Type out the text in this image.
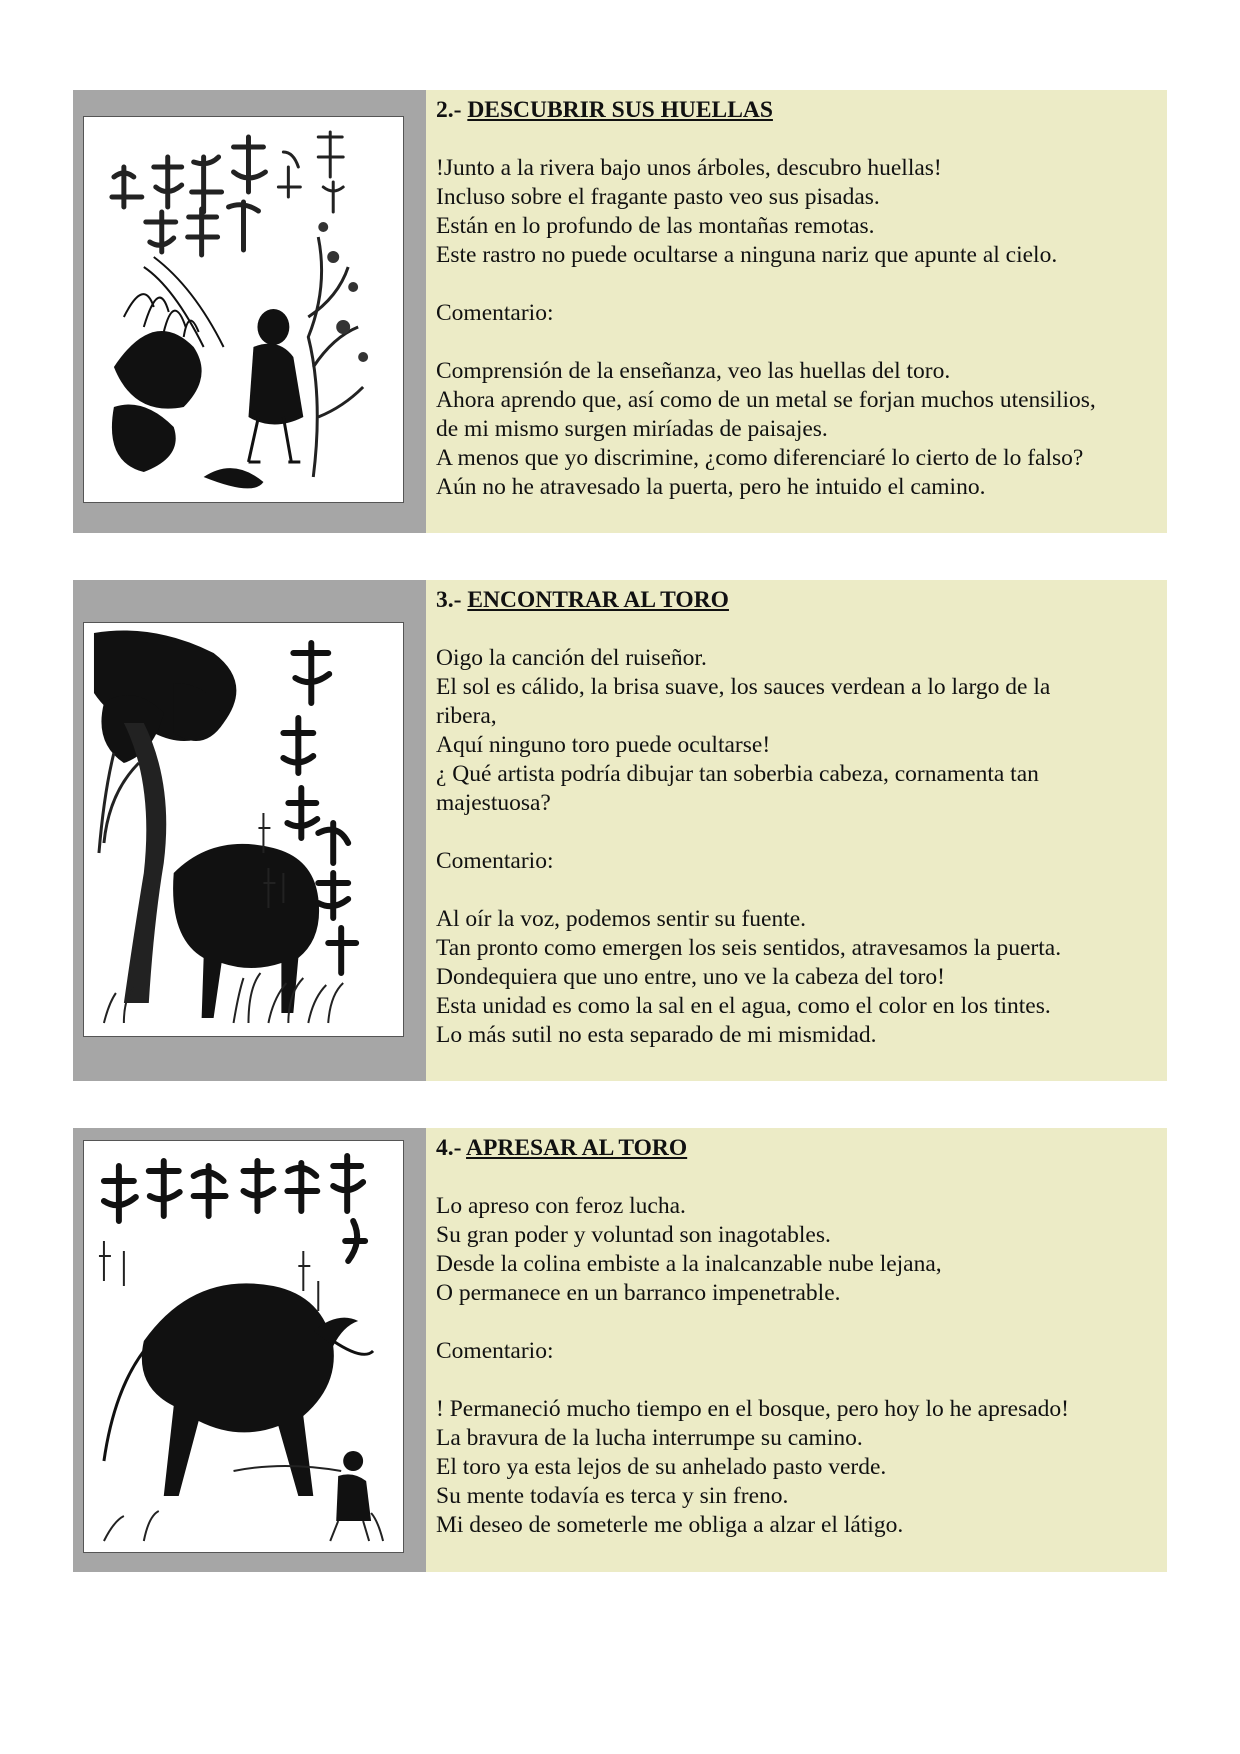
2.- DESCUBRIR SUS HUELLAS

!Junto a la rivera bajo unos árboles, descubro huellas!

Incluso sobre el fragante pasto veo sus pisadas.

Están en lo profundo de las montañas remotas.

Este rastro no puede ocultarse a ninguna nariz que apunte al cielo.

Comentario:

Comprensión de la enseñanza, veo las huellas del toro.

Ahora aprendo que, así como de un metal se forjan muchos utensilios,

de mi mismo surgen miríadas de paisajes.

A menos que yo discrimine, ¿como diferenciaré lo cierto de lo falso?

Aún no he atravesado la puerta, pero he intuido el camino.

3.- ENCONTRAR AL TORO

Oigo la canción del ruiseñor.

El sol es cálido, la brisa suave, los sauces verdean a lo largo de la

ribera,

Aquí ninguno toro puede ocultarse!

¿ Qué artista podría dibujar tan soberbia cabeza, cornamenta tan

majestuosa?

Comentario:

Al oír la voz, podemos sentir su fuente.

Tan pronto como emergen los seis sentidos, atravesamos la puerta.

Dondequiera que uno entre, uno ve la cabeza del toro!

Esta unidad es como la sal en el agua, como el color en los tintes.

Lo más sutil no esta separado de mi mismidad.

4.- APRESAR AL TORO

Lo apreso con feroz lucha.

Su gran poder y voluntad son inagotables.

Desde la colina embiste a la inalcanzable nube lejana,

O permanece en un barranco impenetrable.

Comentario:

! Permaneció mucho tiempo en el bosque, pero hoy lo he apresado!

La bravura de la lucha interrumpe su camino.

El toro ya esta lejos de su anhelado pasto verde.

Su mente todavía es terca y sin freno.

Mi deseo de someterle me obliga a alzar el látigo.
